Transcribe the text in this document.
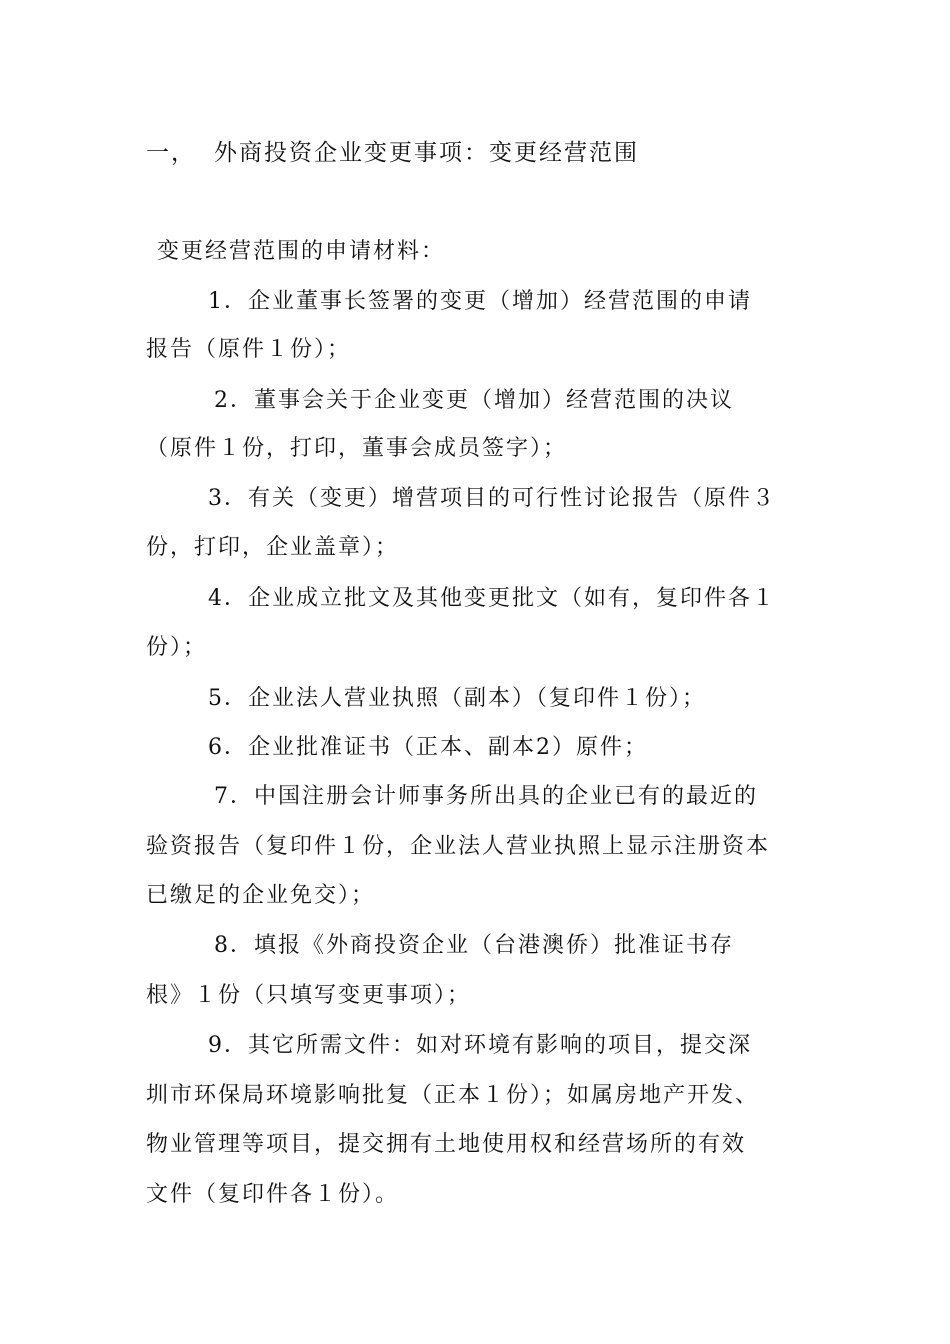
一， 外商投资企业变更事项：变更经营范围
变更经营范围的申请材料：
1．企业董事长签署的变更（增加）经营范围的申请
报告（原件１份）；
2．董事会关于企业变更（增加）经营范围的决议
（原件１份，打印，董事会成员签字）；
3．有关（变更）增营项目的可行性讨论报告（原件３
份，打印，企业盖章）；
4．企业成立批文及其他变更批文（如有，复印件各１
份）；
5．企业法人营业执照（副本）（复印件１份）；
6．企业批准证书（正本、副本2）原件；
7．中国注册会计师事务所出具的企业已有的最近的
验资报告（复印件１份，企业法人营业执照上显示注册资本
已缴足的企业免交）；
8．填报《外商投资企业（台港澳侨）批准证书存
根》１份（只填写变更事项）；
9．其它所需文件：如对环境有影响的项目，提交深
圳市环保局环境影响批复（正本１份）；如属房地产开发、
物业管理等项目，提交拥有土地使用权和经营场所的有效
文件（复印件各１份）。
